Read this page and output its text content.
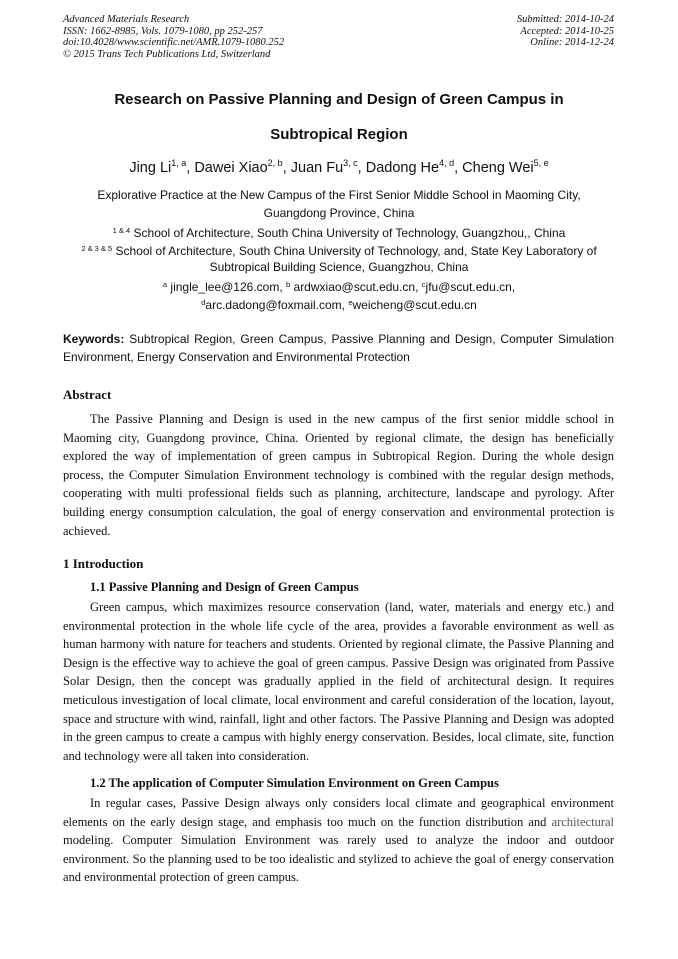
Advanced Materials Research
ISSN: 1662-8985, Vols. 1079-1080, pp 252-257
doi:10.4028/www.scientific.net/AMR.1079-1080.252
© 2015 Trans Tech Publications Ltd, Switzerland
Submitted: 2014-10-24
Accepted: 2014-10-25
Online: 2014-12-24
Research on Passive Planning and Design of Green Campus in
Subtropical Region
Jing Li$^{1, a}$, Dawei Xiao$^{2, b}$, Juan Fu$^{3, c}$, Dadong He$^{4, d}$, Cheng Wei$^{5, e}$
Explorative Practice at the New Campus of the First Senior Middle School in Maoming City,
Guangdong Province, China
$^{1 \& 4}$ School of Architecture, South China University of Technology, Guangzhou,, China
$^{2 \& 3 \& 5}$ School of Architecture, South China University of Technology, and, State Key Laboratory of
Subtropical Building Science, Guangzhou, China
$^a$ jingle_lee@126.com, $^b$ ardwxiao@scut.edu.cn, $^c$jfu@scut.edu.cn,
$^d$arc.dadong@foxmail.com, $^e$weicheng@scut.edu.cn
Keywords: Subtropical Region, Green Campus, Passive Planning and Design, Computer Simulation Environment, Energy Conservation and Environmental Protection
Abstract
The Passive Planning and Design is used in the new campus of the first senior middle school in Maoming city, Guangdong province, China. Oriented by regional climate, the design has beneficially explored the way of implementation of green campus in Subtropical Region. During the whole design process, the Computer Simulation Environment technology is combined with the regular design methods, cooperating with multi professional fields such as planning, architecture, landscape and pyrology. After building energy consumption calculation, the goal of energy conservation and environmental protection is achieved.
1 Introduction
1.1 Passive Planning and Design of Green Campus
Green campus, which maximizes resource conservation (land, water, materials and energy etc.) and environmental protection in the whole life cycle of the area, provides a favorable environment as well as human harmony with nature for teachers and students. Oriented by regional climate, the Passive Planning and Design is the effective way to achieve the goal of green campus. Passive Design was originated from Passive Solar Design, then the concept was gradually applied in the field of architectural design. It requires meticulous investigation of local climate, local environment and careful consideration of the location, layout, space and structure with wind, rainfall, light and other factors. The Passive Planning and Design was adopted in the green campus to create a campus with highly energy conservation. Besides, local climate, site, function and technology were all taken into consideration.
1.2 The application of Computer Simulation Environment on Green Campus
In regular cases, Passive Design always only considers local climate and geographical environment elements on the early design stage, and emphasis too much on the function distribution and architectural modeling. Computer Simulation Environment was rarely used to analyze the indoor and outdoor environment. So the planning used to be too idealistic and stylized to achieve the goal of energy conservation and environmental protection of green campus.
